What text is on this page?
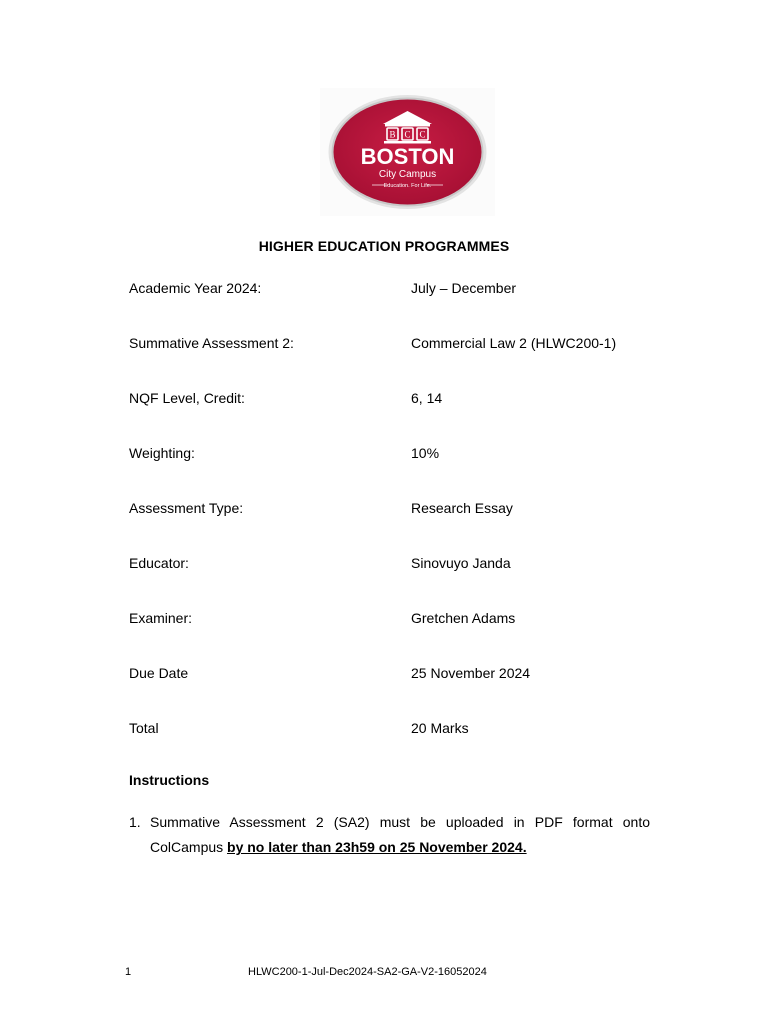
B C C
BOSTON
City Campus
Education. For Life.
HIGHER EDUCATION PROGRAMMES
Academic Year 2024:	July – December
Summative Assessment 2:	Commercial Law 2 (HLWC200-1)
NQF Level, Credit:	6, 14
Weighting:	10%
Assessment Type:	Research Essay
Educator:	Sinovuyo Janda
Examiner:	Gretchen Adams
Due Date	25 November 2024
Total	20 Marks
Instructions
1. Summative Assessment 2 (SA2) must be uploaded in PDF format onto
ColCampus by no later than 23h59 on 25 November 2024.
1	HLWC200-1-Jul-Dec2024-SA2-GA-V2-16052024
